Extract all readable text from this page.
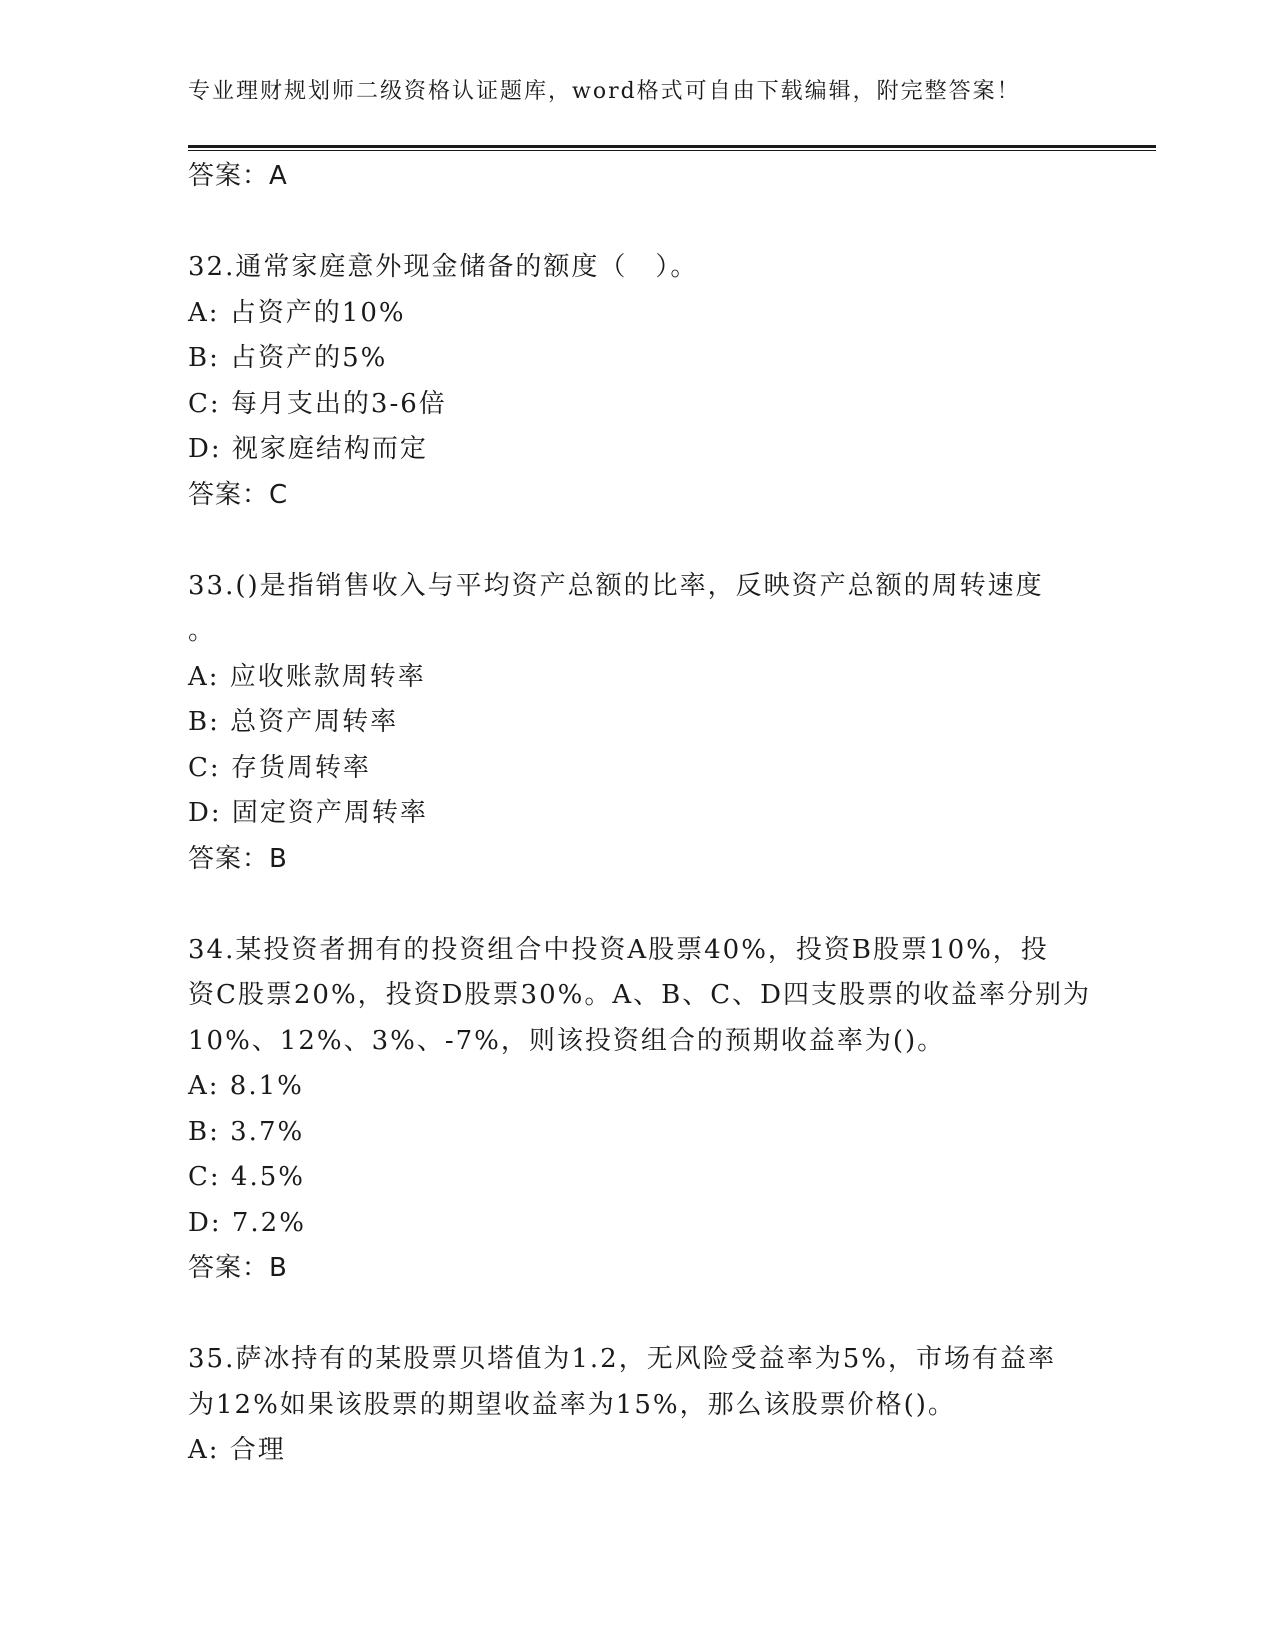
专业理财规划师二级资格认证题库，word格式可自由下载编辑，附完整答案！
答案：A
32.通常家庭意外现金储备的额度（　）。
A: 占资产的10%
B: 占资产的5%
C: 每月支出的3-6倍
D: 视家庭结构而定
答案：C
33.()是指销售收入与平均资产总额的比率，反映资产总额的周转速度
。
A: 应收账款周转率
B: 总资产周转率
C: 存货周转率
D: 固定资产周转率
答案：B
34.某投资者拥有的投资组合中投资A股票40%，投资B股票10%，投
资C股票20%，投资D股票30%。A、B、C、D四支股票的收益率分别为
10%、12%、3%、-7%，则该投资组合的预期收益率为()。
A: 8.1%
B: 3.7%
C: 4.5%
D: 7.2%
答案：B
35.萨冰持有的某股票贝塔值为1.2，无风险受益率为5%，市场有益率
为12%如果该股票的期望收益率为15%，那么该股票价格()。
A: 合理
